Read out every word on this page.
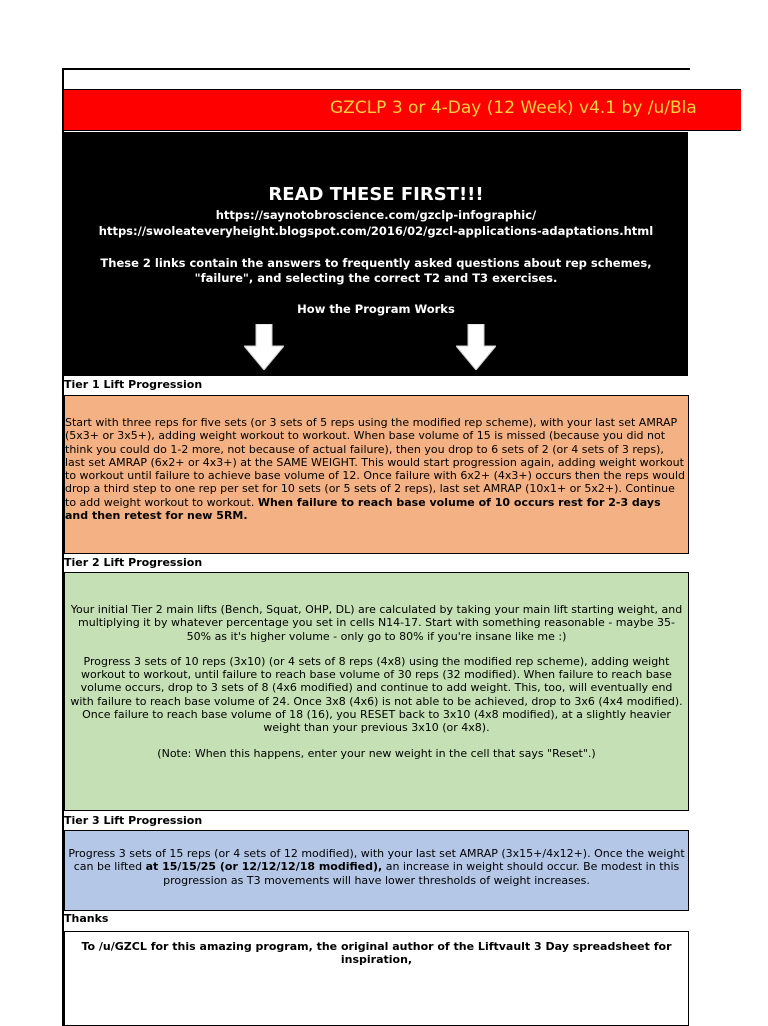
GZCLP 3 or 4-Day (12 Week) v4.1 by /u/Bla
READ THESE FIRST!!!
https://saynotobroscience.com/gzclp-infographic/
https://swoleateveryheight.blogspot.com/2016/02/gzcl-applications-adaptations.html
These 2 links contain the answers to frequently asked questions about rep schemes, "failure", and selecting the correct T2 and T3 exercises.
How the Program Works
Tier 1 Lift Progression

Start with three reps for five sets (or 3 sets of 5 reps using the modified rep scheme), with your last set AMRAP (5x3+ or 3x5+), adding weight workout to workout. When base volume of 15 is missed (because you did not think you could do 1-2 more, not because of actual failure), then you drop to 6 sets of 2 (or 4 sets of 3 reps), last set AMRAP (6x2+ or 4x3+) at the SAME WEIGHT. This would start progression again, adding weight workout to workout until failure to achieve base volume of 12. Once failure with 6x2+ (4x3+) occurs then the reps would drop a third step to one rep per set for 10 sets (or 5 sets of 2 reps), last set AMRAP (10x1+ or 5x2+). Continue to add weight workout to workout. When failure to reach base volume of 10 occurs rest for 2-3 days and then retest for new 5RM.

Tier 2 Lift Progression

Your initial Tier 2 main lifts (Bench, Squat, OHP, DL) are calculated by taking your main lift starting weight, and multiplying it by whatever percentage you set in cells N14-17. Start with something reasonable - maybe 35-50% as it's higher volume - only go to 80% if you're insane like me :)

Progress 3 sets of 10 reps (3x10) (or 4 sets of 8 reps (4x8) using the modified rep scheme), adding weight workout to workout, until failure to reach base volume of 30 reps (32 modified). When failure to reach base volume occurs, drop to 3 sets of 8 (4x6 modified) and continue to add weight. This, too, will eventually end with failure to reach base volume of 24. Once 3x8 (4x6) is not able to be achieved, drop to 3x6 (4x4 modified). Once failure to reach base volume of 18 (16), you RESET back to 3x10 (4x8 modified), at a slightly heavier weight than your previous 3x10 (or 4x8).

(Note: When this happens, enter your new weight in the cell that says "Reset".)

Tier 3 Lift Progression

Progress 3 sets of 15 reps (or 4 sets of 12 modified), with your last set AMRAP (3x15+/4x12+). Once the weight can be lifted at 15/15/25 (or 12/12/12/18 modified), an increase in weight should occur. Be modest in this progression as T3 movements will have lower thresholds of weight increases.

Thanks

To /u/GZCL for this amazing program, the original author of the Liftvault 3 Day spreadsheet for inspiration,
